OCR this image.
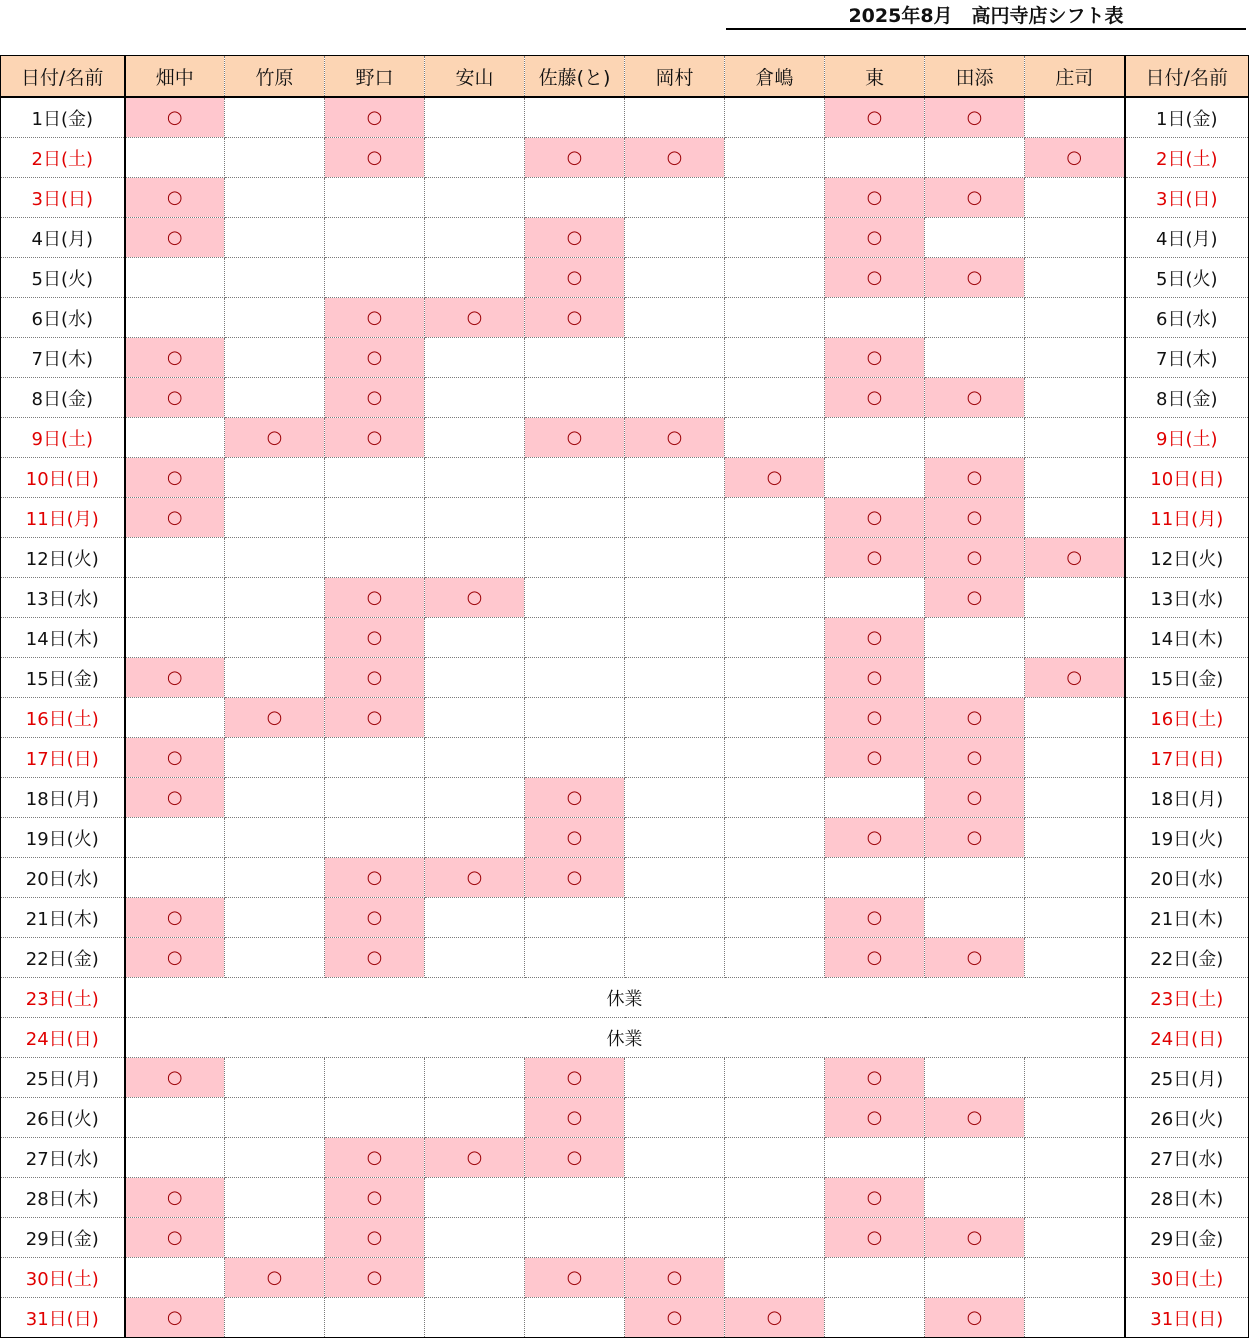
2025年8月　高円寺店シフト表
日付/名前	畑中	竹原	野口	安山	佐藤(と)	岡村	倉嶋	東	田添	庄司	日付/名前
1日(金)	○		○					○	○		1日(金)
2日(土)			○		○	○				○	2日(土)
3日(日)	○							○	○		3日(日)
4日(月)	○				○			○			4日(月)
5日(火)					○			○	○		5日(火)
6日(水)			○	○	○						6日(水)
7日(木)	○		○					○			7日(木)
8日(金)	○		○					○	○		8日(金)
9日(土)		○	○		○	○					9日(土)
10日(日)	○						○		○		10日(日)
11日(月)	○							○	○		11日(月)
12日(火)								○	○	○	12日(火)
13日(水)			○	○					○		13日(水)
14日(木)			○					○			14日(木)
15日(金)	○		○					○		○	15日(金)
16日(土)		○	○					○	○		16日(土)
17日(日)	○							○	○		17日(日)
18日(月)	○				○				○		18日(月)
19日(火)					○			○	○		19日(火)
20日(水)			○	○	○						20日(水)
21日(木)	○		○					○			21日(木)
22日(金)	○		○					○	○		22日(金)
23日(土)	休業										23日(土)
24日(日)	休業										24日(日)
25日(月)	○				○			○			25日(月)
26日(火)					○			○	○		26日(火)
27日(水)			○	○	○						27日(水)
28日(木)	○		○					○			28日(木)
29日(金)	○		○					○	○		29日(金)
30日(土)		○	○		○	○					30日(土)
31日(日)	○					○	○		○		31日(日)
